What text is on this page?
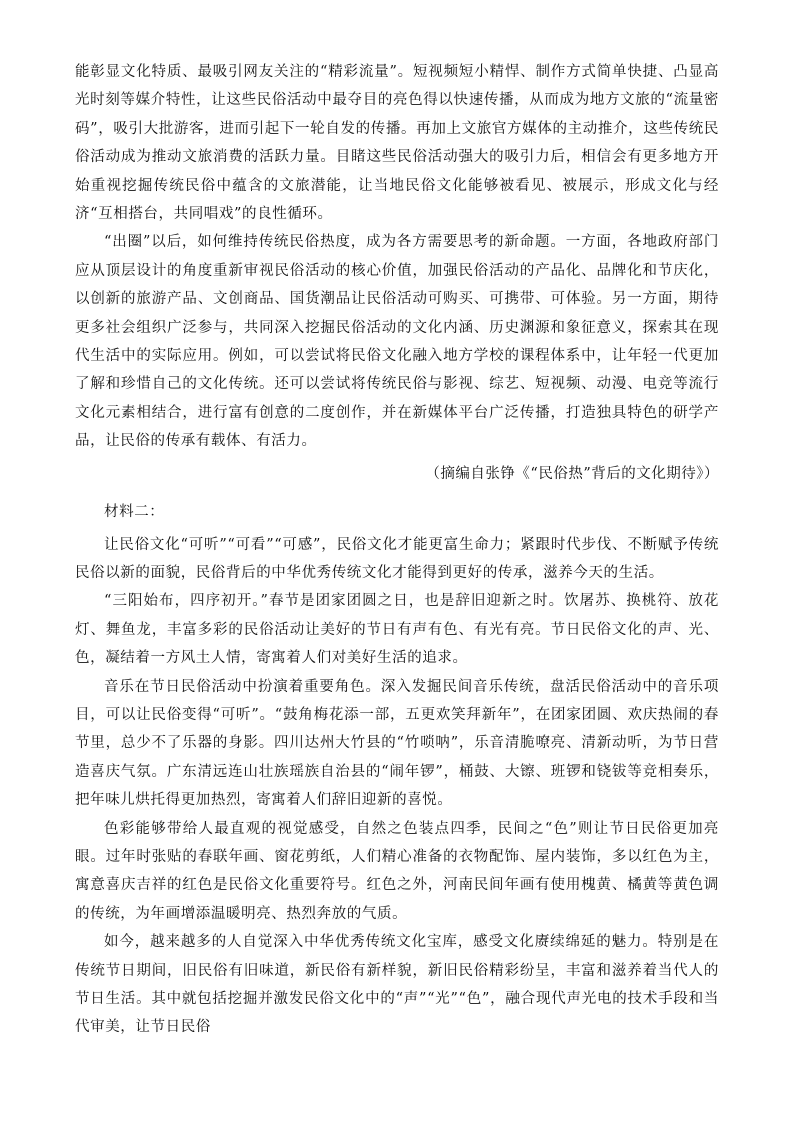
能彰显文化特质、最吸引网友关注的“精彩流量”。短视频短小精悍、制作方式简单快捷、凸显高光时刻等媒介特性，让这些民俗活动中最夺目的亮色得以快速传播，从而成为地方文旅的“流量密码”，吸引大批游客，进而引起下一轮自发的传播。再加上文旅官方媒体的主动推介，这些传统民俗活动成为推动文旅消费的活跃力量。目睹这些民俗活动强大的吸引力后，相信会有更多地方开始重视挖掘传统民俗中蕴含的文旅潜能，让当地民俗文化能够被看见、被展示，形成文化与经济“互相搭台，共同唱戏”的良性循环。

“出圈”以后，如何维持传统民俗热度，成为各方需要思考的新命题。一方面，各地政府部门应从顶层设计的角度重新审视民俗活动的核心价值，加强民俗活动的产品化、品牌化和节庆化，以创新的旅游产品、文创商品、国货潮品让民俗活动可购买、可携带、可体验。另一方面，期待更多社会组织广泛参与，共同深入挖掘民俗活动的文化内涵、历史渊源和象征意义，探索其在现代生活中的实际应用。例如，可以尝试将民俗文化融入地方学校的课程体系中，让年轻一代更加了解和珍惜自己的文化传统。还可以尝试将传统民俗与影视、综艺、短视频、动漫、电竞等流行文化元素相结合，进行富有创意的二度创作，并在新媒体平台广泛传播，打造独具特色的研学产品，让民俗的传承有载体、有活力。

（摘编自张铮《“民俗热”背后的文化期待》）

材料二：

让民俗文化“可听”“可看”“可感”，民俗文化才能更富生命力；紧跟时代步伐、不断赋予传统民俗以新的面貌，民俗背后的中华优秀传统文化才能得到更好的传承，滋养今天的生活。

“三阳始布，四序初开。”春节是团家团圆之日，也是辞旧迎新之时。饮屠苏、换桃符、放花灯、舞鱼龙，丰富多彩的民俗活动让美好的节日有声有色、有光有亮。节日民俗文化的声、光、色，凝结着一方风土人情，寄寓着人们对美好生活的追求。

音乐在节日民俗活动中扮演着重要角色。深入发掘民间音乐传统，盘活民俗活动中的音乐项目，可以让民俗变得“可听”。“鼓角梅花添一部，五更欢笑拜新年”，在团家团圆、欢庆热闹的春节里，总少不了乐器的身影。四川达州大竹县的“竹唢呐”，乐音清脆嘹亮、清新动听，为节日营造喜庆气氛。广东清远连山壮族瑶族自治县的“闹年锣”，桶鼓、大镲、班锣和铙钹等竞相奏乐，把年味儿烘托得更加热烈，寄寓着人们辞旧迎新的喜悦。

色彩能够带给人最直观的视觉感受，自然之色装点四季，民间之“色”则让节日民俗更加亮眼。过年时张贴的春联年画、窗花剪纸，人们精心准备的衣物配饰、屋内装饰，多以红色为主，寓意喜庆吉祥的红色是民俗文化重要符号。红色之外，河南民间年画有使用槐黄、橘黄等黄色调的传统，为年画增添温暖明亮、热烈奔放的气质。

如今，越来越多的人自觉深入中华优秀传统文化宝库，感受文化赓续绵延的魅力。特别是在传统节日期间，旧民俗有旧味道，新民俗有新样貌，新旧民俗精彩纷呈，丰富和滋养着当代人的节日生活。其中就包括挖掘并激发民俗文化中的“声”“光”“色”，融合现代声光电的技术手段和当代审美，让节日民俗
